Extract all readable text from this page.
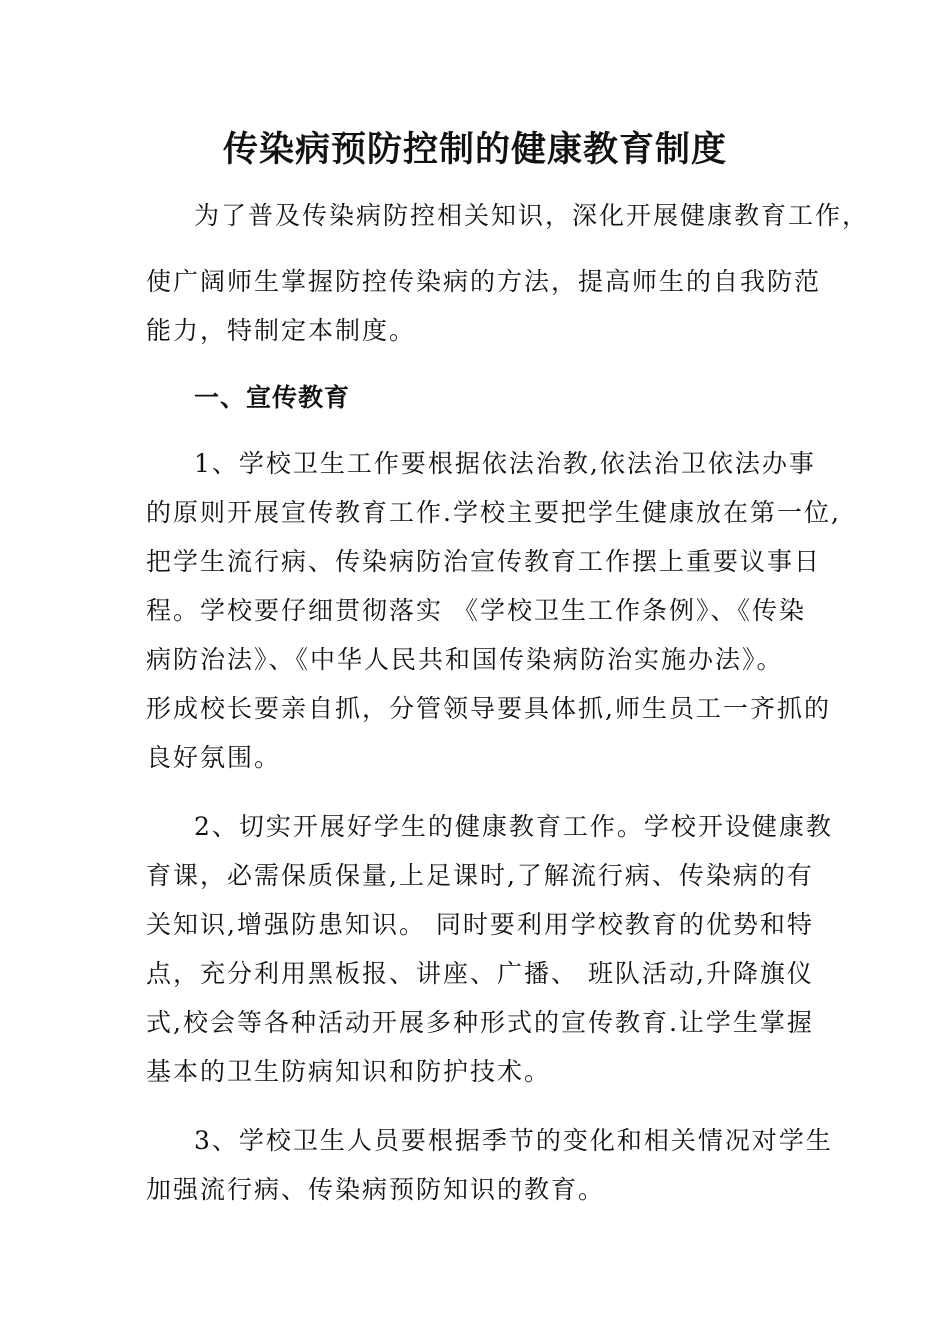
传染病预防控制的健康教育制度
为了普及传染病防控相关知识，深化开展健康教育工作，
使广阔师生掌握防控传染病的方法，提高师生的自我防范
能力，特制定本制度。
一、宣传教育
1、学校卫生工作要根据依法治教,依法治卫依法办事
的原则开展宣传教育工作.学校主要把学生健康放在第一位,
把学生流行病、传染病防治宣传教育工作摆上重要议事日
程。学校要仔细贯彻落实 《学校卫生工作条例》、《传染
病防治法》、《中华人民共和国传染病防治实施办法》。
形成校长要亲自抓，分管领导要具体抓,师生员工一齐抓的
良好氛围。
2、切实开展好学生的健康教育工作。学校开设健康教
育课，必需保质保量,上足课时,了解流行病、传染病的有
关知识,增强防患知识。 同时要利用学校教育的优势和特
点，充分利用黑板报、讲座、广播、 班队活动,升降旗仪
式,校会等各种活动开展多种形式的宣传教育.让学生掌握
基本的卫生防病知识和防护技术。
3、学校卫生人员要根据季节的变化和相关情况对学生
加强流行病、传染病预防知识的教育。
